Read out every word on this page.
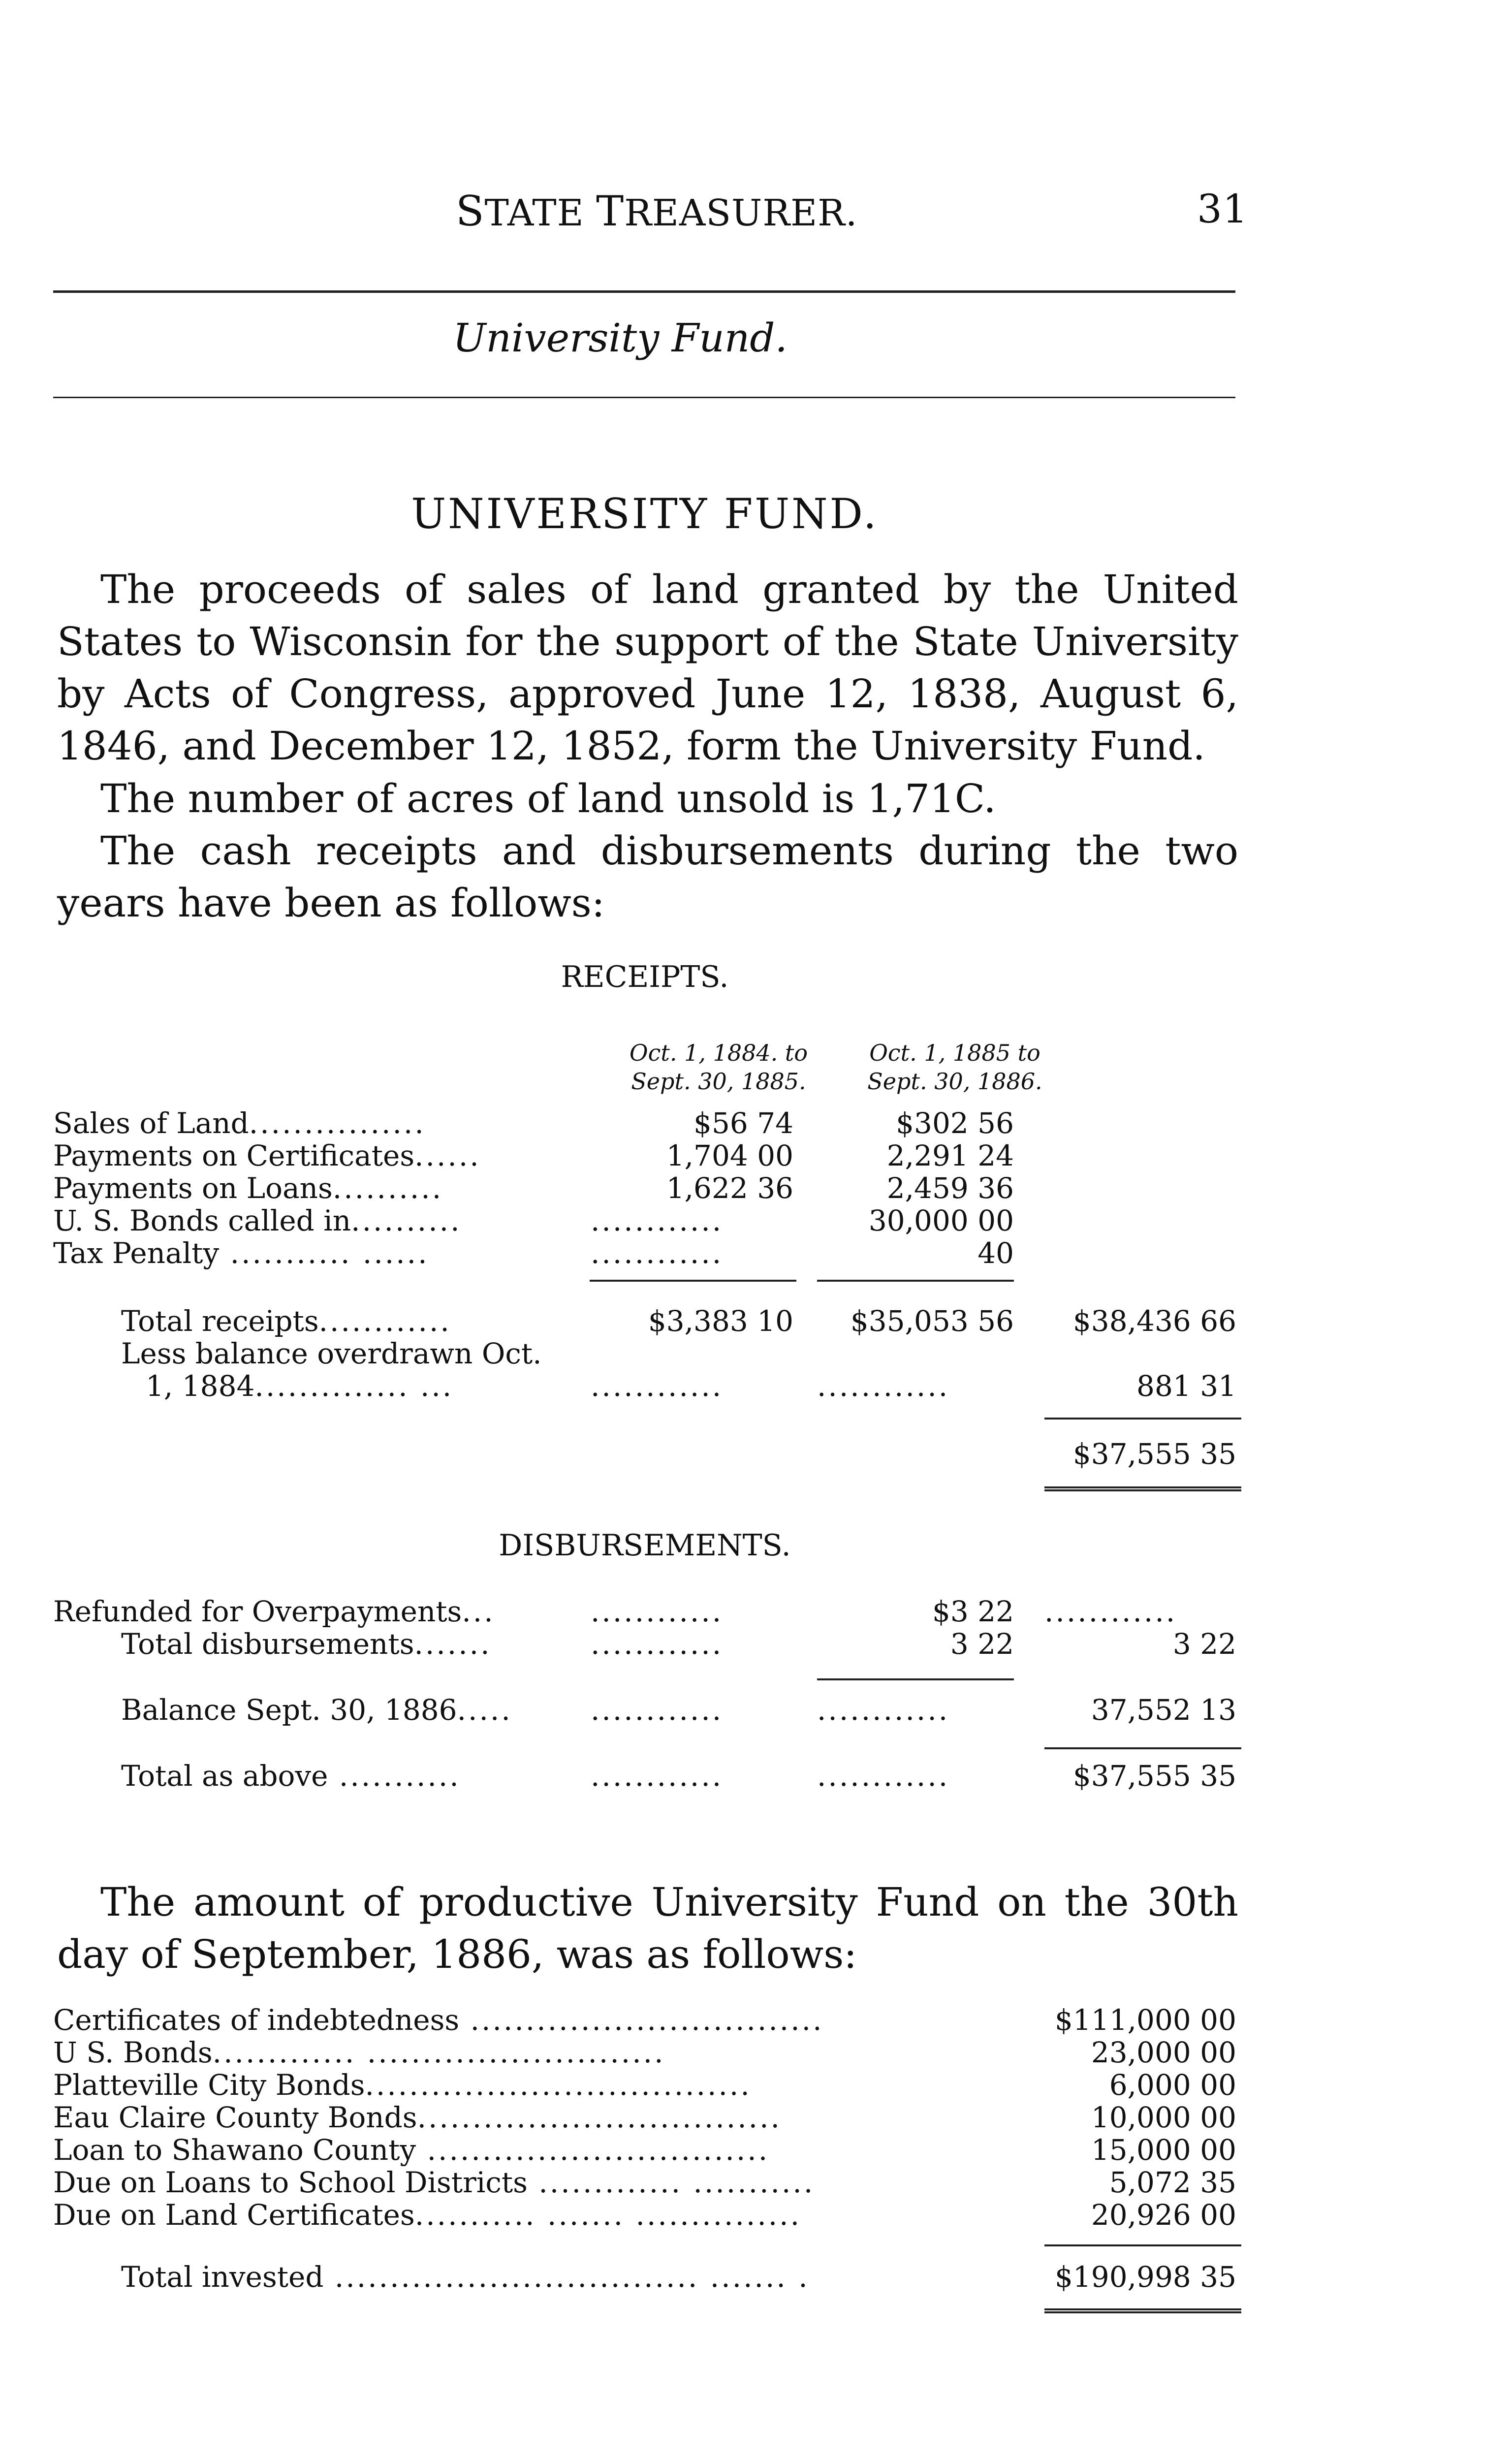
STATE TREASURER.	31
University Fund.
UNIVERSITY FUND.
The proceeds of sales of land granted by the United States to Wisconsin for the support of the State University by Acts of Congress, approved June 12, 1838, August 6, 1846, and December 12, 1852, form the University Fund.
The number of acres of land unsold is 1,71C.
The cash receipts and disbursements during the two years have been as follows:
RECEIPTS.
Oct. 1, 1884. to
Sept. 30, 1885.
Oct. 1, 1885 to
Sept. 30, 1886.
Sales of Land................	$56 74	$302 56
Payments on Certificates......	1,704 00	2,291 24
Payments on Loans..........	1,622 36	2,459 36
U. S. Bonds called in..........	............	30,000 00
Tax Penalty ........... ......	............	40
Total receipts............	$3,383 10 $35,053 56 $38,436 66
Less balance overdrawn Oct.
1, 1884.............. ...	............	............	881 31
$37,555 35
DISBURSEMENTS.
Refunded for Overpayments...	............	$3 22 ............
Total disbursements.......	............	3 22	3 22
Balance Sept. 30, 1886.....	............	............	37,552 13
Total as above ...........	............	............	$37,555 35
The amount of productive University Fund on the 30th day of September, 1886, was as follows:
Certificates of indebtedness ................................	$111,000 00
U S. Bonds............. ...........................	23,000 00
Platteville City Bonds...................................	6,000 00
Eau Claire County Bonds.................................	10,000 00
Loan to Shawano County ...............................	15,000 00
Due on Loans to School Districts ............. ...........	5,072 35
Due on Land Certificates........... ....... ...............	20,926 00
Total invested ................................. ....... .	$190,998 35
